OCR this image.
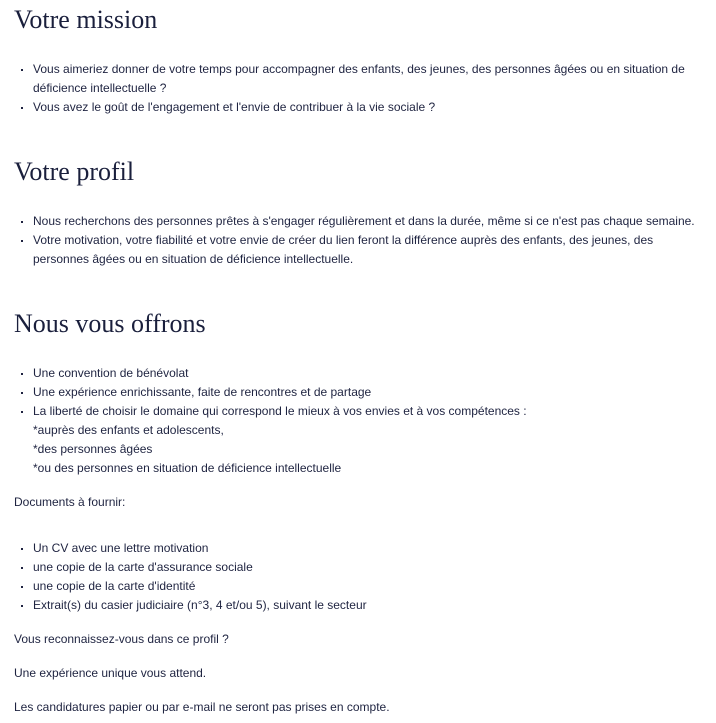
Votre mission
Vous aimeriez donner de votre temps pour accompagner des enfants, des jeunes, des personnes âgées ou en situation de déficience intellectuelle ?
Vous avez le goût de l'engagement et l'envie de contribuer à la vie sociale ?
Votre profil
Nous recherchons des personnes prêtes à s'engager régulièrement et dans la durée, même si ce n'est pas chaque semaine.
Votre motivation, votre fiabilité et votre envie de créer du lien feront la différence auprès des enfants, des jeunes, des personnes âgées ou en situation de déficience intellectuelle.
Nous vous offrons
Une convention de bénévolat
Une expérience enrichissante, faite de rencontres et de partage
La liberté de choisir le domaine qui correspond le mieux à vos envies et à vos compétences :
*auprès des enfants et adolescents,
*des personnes âgées
*ou des personnes en situation de déficience intellectuelle

Documents à fournir:

Un CV avec une lettre motivation
une copie de la carte d'assurance sociale
une copie de la carte d'identité
Extrait(s) du casier judiciaire (n°3, 4 et/ou 5), suivant le secteur

Vous reconnaissez-vous dans ce profil ?

Une expérience unique vous attend.

Les candidatures papier ou par e-mail ne seront pas prises en compte.
